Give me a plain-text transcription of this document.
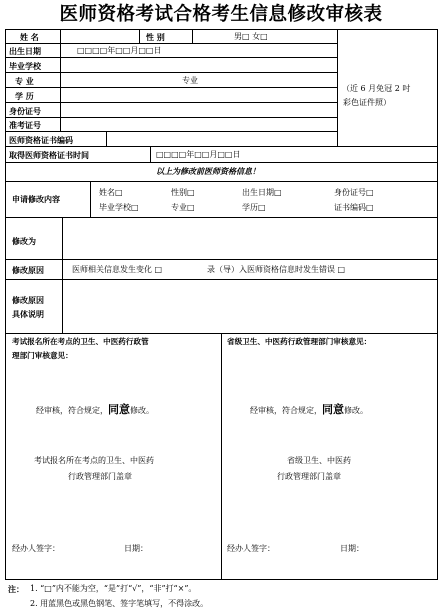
医师资格考试合格考生信息修改审核表
姓 名	性 别	男□ 女□
出生日期	□□□□年□□月□□日
毕业学校
专 业	专业
学 历
身份证号
准考证号
医师资格证书编码
取得医师资格证书时间	□□□□年□□月□□日
（近 6 月免冠 2 吋
彩色证件照）
以上为修改前医师资格信息！
申请修改内容
姓名□	性别□	出生日期□	身份证号□
毕业学校□	专业□	学历□	证书编码□
修改为
修改原因	医师相关信息发生变化 □	录（导）入医师资格信息时发生错误 □
修改原因
具体说明
考试报名所在考点的卫生、中医药行政管
理部门审核意见：
经审核，符合规定，同意修改。
考试报名所在考点的卫生、中医药
行政管理部门盖章
经办人签字：	日期：
省级卫生、中医药行政管理部门审核意见：
经审核，符合规定，同意修改。
省级卫生、中医药
行政管理部门盖章
经办人签字：	日期：
注： 1. “□”内不能为空，“是”打“√”，“非”打“×”。
2. 用蓝黑色或黑色钢笔、签字笔填写，不得涂改。
